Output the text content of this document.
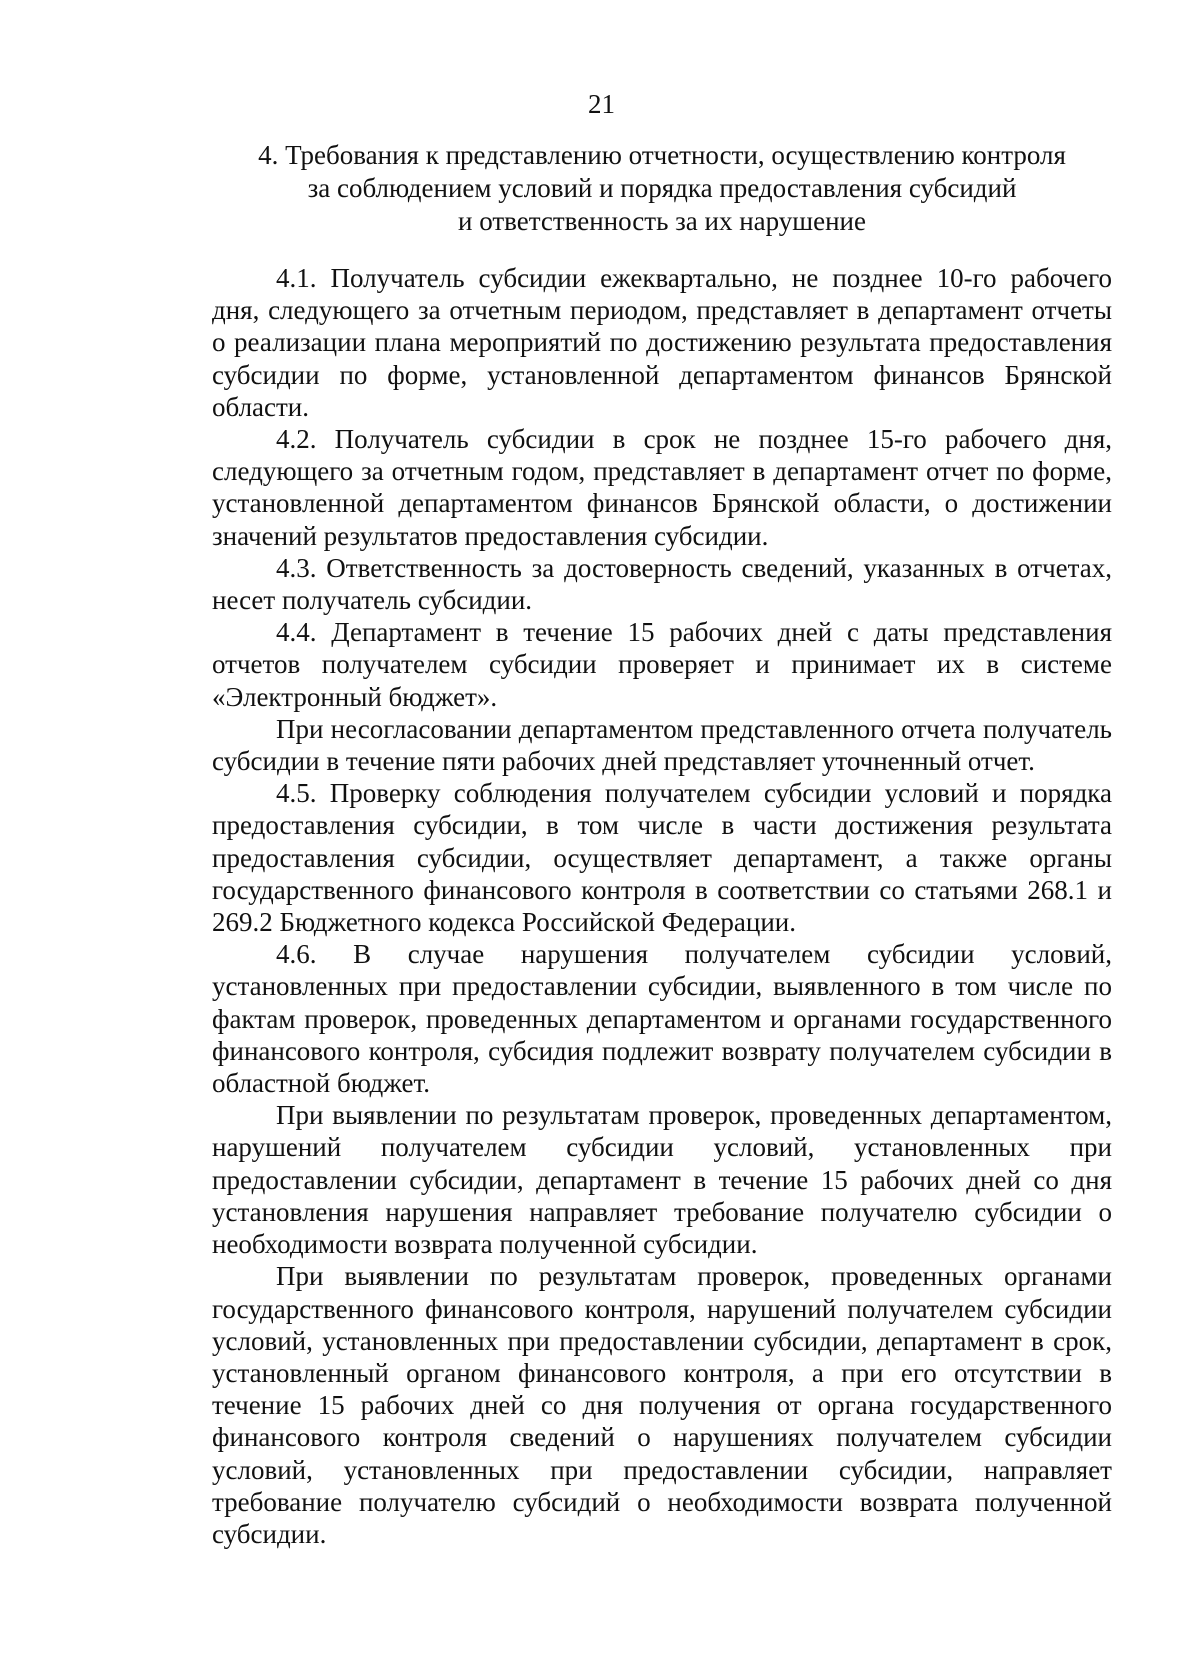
21
4. Требования к представлению отчетности, осуществлению контроля
за соблюдением условий и порядка предоставления субсидий
и ответственность за их нарушение

4.1. Получатель субсидии ежеквартально, не позднее 10-го рабочего дня, следующего за отчетным периодом, представляет в департамент отчеты о реализации плана мероприятий по достижению результата предоставления субсидии по форме, установленной департаментом финансов Брянской области.

4.2. Получатель субсидии в срок не позднее 15-го рабочего дня, следующего за отчетным годом, представляет в департамент отчет по форме, установленной департаментом финансов Брянской области, о достижении значений результатов предоставления субсидии.

4.3. Ответственность за достоверность сведений, указанных в отчетах, несет получатель субсидии.

4.4. Департамент в течение 15 рабочих дней с даты представления отчетов получателем субсидии проверяет и принимает их в системе «Электронный бюджет».

При несогласовании департаментом представленного отчета получатель субсидии в течение пяти рабочих дней представляет уточненный отчет.

4.5. Проверку соблюдения получателем субсидии условий и порядка предоставления субсидии, в том числе в части достижения результата предоставления субсидии, осуществляет департамент, а также органы государственного финансового контроля в соответствии со статьями 268.1 и 269.2 Бюджетного кодекса Российской Федерации.

4.6. В случае нарушения получателем субсидии условий, установленных при предоставлении субсидии, выявленного в том числе по фактам проверок, проведенных департаментом и органами государственного финансового контроля, субсидия подлежит возврату получателем субсидии в областной бюджет.

При выявлении по результатам проверок, проведенных департаментом, нарушений получателем субсидии условий, установленных при предоставлении субсидии, департамент в течение 15 рабочих дней со дня установления нарушения направляет требование получателю субсидии о необходимости возврата полученной субсидии.

При выявлении по результатам проверок, проведенных органами государственного финансового контроля, нарушений получателем субсидии условий, установленных при предоставлении субсидии, департамент в срок, установленный органом финансового контроля, а при его отсутствии в течение 15 рабочих дней со дня получения от органа государственного финансового контроля сведений о нарушениях получателем субсидии условий, установленных при предоставлении субсидии, направляет требование получателю субсидий о необходимости возврата полученной субсидии.
